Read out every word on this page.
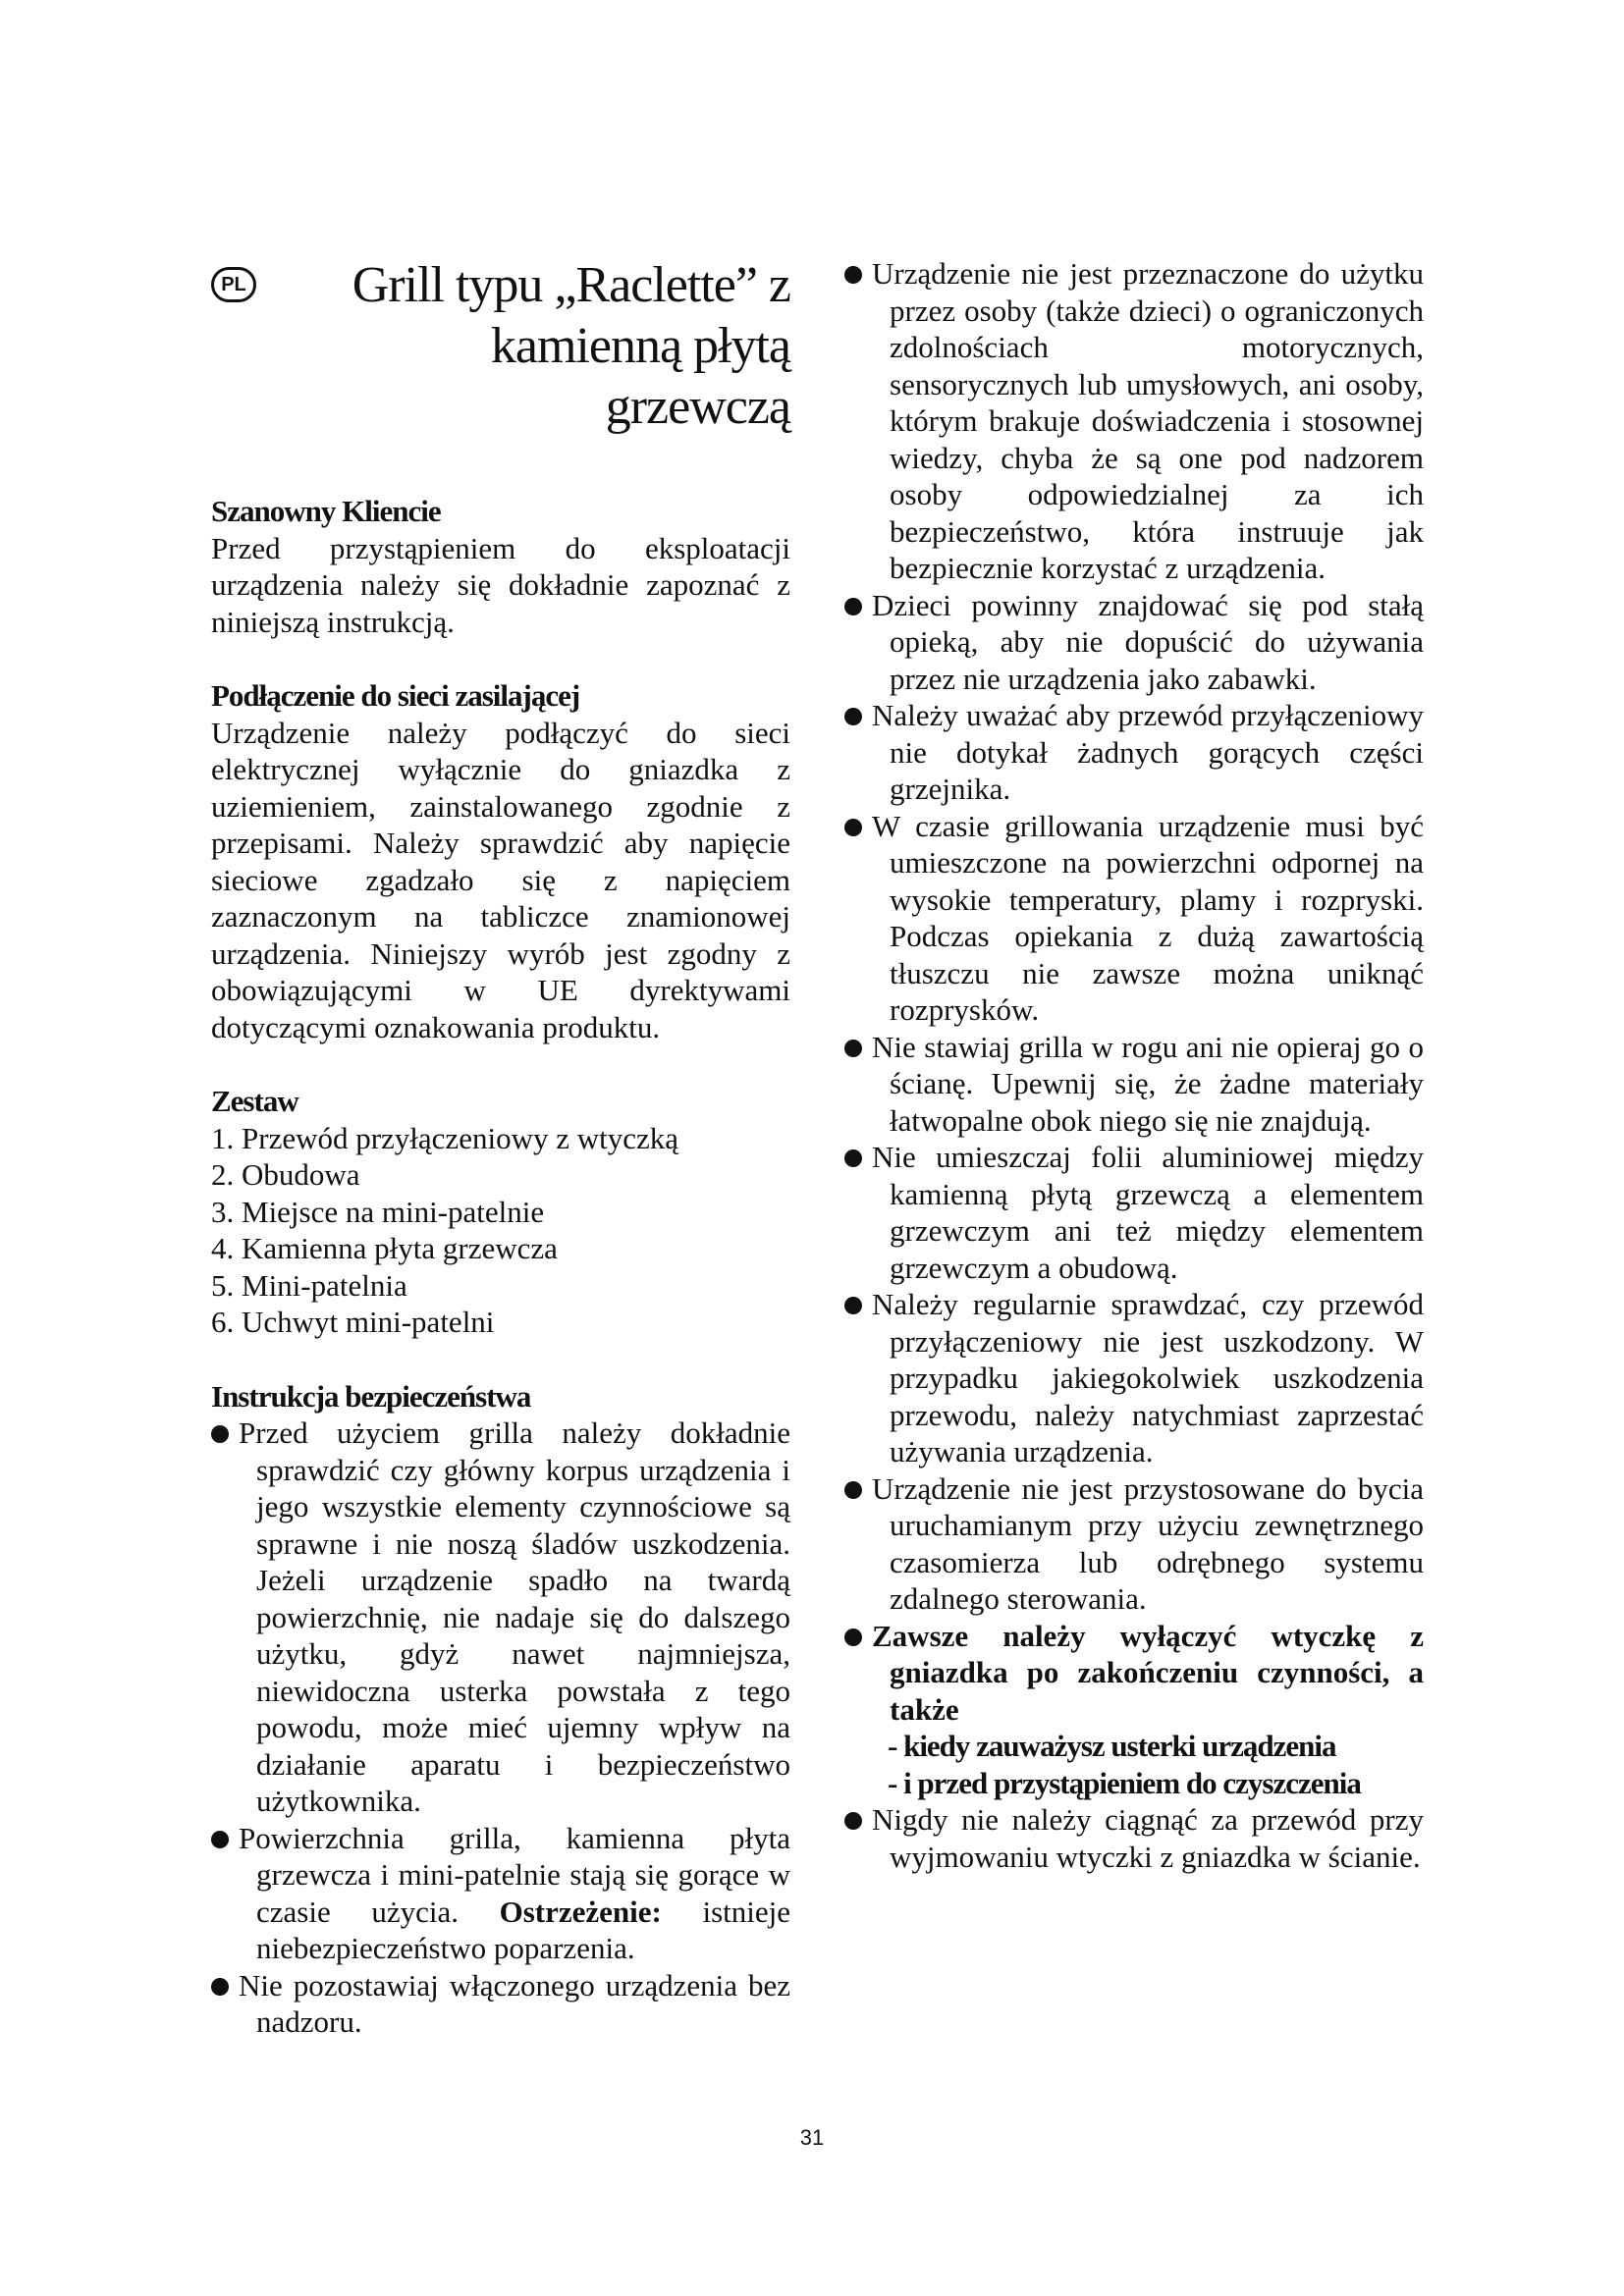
PL	Grill typu „Raclette” z
kamienną płytą
grzewczą
Szanowny Kliencie

Przed przystąpieniem do eksploatacji urządzenia należy się dokładnie zapoznać z niniejszą instrukcją.

Podłączenie do sieci zasilającej

Urządzenie należy podłączyć do sieci elektrycznej wyłącznie do gniazdka z uziemieniem, zainstalowanego zgodnie z przepisami. Należy sprawdzić aby napięcie sieciowe zgadzało się z napięciem zaznaczonym na tabliczce znamionowej urządzenia. Niniejszy wyrób jest zgodny z obowiązującymi w UE dyrektywami dotyczącymi oznakowania produktu.

Zestaw
1. Przewód przyłączeniowy z wtyczką
2. Obudowa
3. Miejsce na mini-patelnie
4. Kamienna płyta grzewcza
5. Mini-patelnia
6. Uchwyt mini-patelni
Instrukcja bezpieczeństwa
Przed użyciem grilla należy dokładnie sprawdzić czy główny korpus urządzenia i jego wszystkie elementy czynnościowe są sprawne i nie noszą śladów uszkodzenia. Jeżeli urządzenie spadło na twardą powierzchnię, nie nadaje się do dalszego użytku, gdyż nawet najmniejsza, niewidoczna usterka powstała z tego powodu, może mieć ujemny wpływ na działanie aparatu i bezpieczeństwo użytkownika.
Powierzchnia grilla, kamienna płyta grzewcza i mini-patelnie stają się gorące w czasie użycia. Ostrzeżenie: istnieje niebezpieczeństwo poparzenia.
Nie pozostawiaj włączonego urządzenia bez nadzoru.
Urządzenie nie jest przeznaczone do użytku przez osoby (także dzieci) o ograniczonych zdolnościach motorycznych, sensorycznych lub umysłowych, ani osoby, którym brakuje doświadczenia i stosownej wiedzy, chyba że są one pod nadzorem osoby odpowiedzialnej za ich bezpieczeństwo, która instruuje jak bezpiecznie korzystać z urządzenia.
Dzieci powinny znajdować się pod stałą opieką, aby nie dopuścić do używania przez nie urządzenia jako zabawki.
Należy uważać aby przewód przyłączeniowy nie dotykał żadnych gorących części grzejnika.
W czasie grillowania urządzenie musi być umieszczone na powierzchni odpornej na wysokie temperatury, plamy i rozpryski. Podczas opiekania z dużą zawartością tłuszczu nie zawsze można uniknąć rozprysków.
Nie stawiaj grilla w rogu ani nie opieraj go o ścianę. Upewnij się, że żadne materiały łatwopalne obok niego się nie znajdują.
Nie umieszczaj folii aluminiowej między kamienną płytą grzewczą a elementem grzewczym ani też między elementem grzewczym a obudową.
Należy regularnie sprawdzać, czy przewód przyłączeniowy nie jest uszkodzony. W przypadku jakiegokolwiek uszkodzenia przewodu, należy natychmiast zaprzestać używania urządzenia.
Urządzenie nie jest przystosowane do bycia uruchamianym przy użyciu zewnętrznego czasomierza lub odrębnego systemu zdalnego sterowania.
Zawsze należy wyłączyć wtyczkę z gniazdka po zakończeniu czynności, a także
- kiedy zauważysz usterki urządzenia
- i przed przystąpieniem do czyszczenia
Nigdy nie należy ciągnąć za przewód przy wyjmowaniu wtyczki z gniazdka w ścianie.
31
